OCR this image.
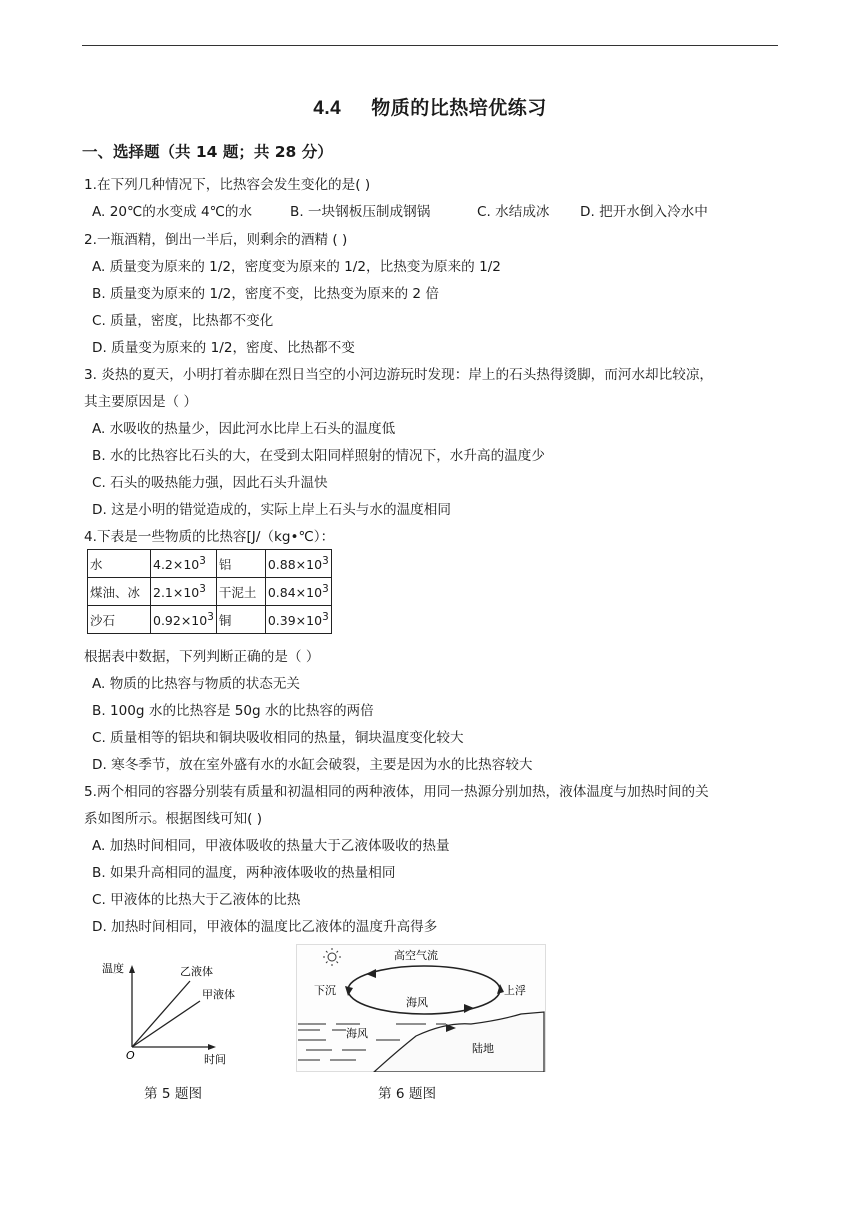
4.4 物质的比热培优练习
一、选择题（共 14 题；共 28 分）
1.在下列几种情况下，比热容会发生变化的是( )
A. 20℃的水变成 4℃的水	B. 一块钢板压制成钢锅	C. 水结成冰	D. 把开水倒入冷水中
2.一瓶酒精，倒出一半后，则剩余的酒精 ( )
A. 质量变为原来的 1/2，密度变为原来的 1/2，比热变为原来的 1/2
B. 质量变为原来的 1/2，密度不变，比热变为原来的 2 倍
C. 质量，密度，比热都不变化
D. 质量变为原来的 1/2，密度、比热都不变
3. 炎热的夏天，小明打着赤脚在烈日当空的小河边游玩时发现：岸上的石头热得烫脚，而河水却比较凉，
其主要原因是（ ）
A. 水吸收的热量少，因此河水比岸上石头的温度低
B. 水的比热容比石头的大，在受到太阳同样照射的情况下，水升高的温度少
C. 石头的吸热能力强，因此石头升温快
D. 这是小明的错觉造成的，实际上岸上石头与水的温度相同
4.下表是一些物质的比热容[J/（kg•℃）：
水	$4.2\times 10^3$	铝	$0.88\times 10^3$
煤油、冰	$2.1\times 10^3$	干泥土	$0.84\times 10^3$
沙石	$0.92\times 10^3$	铜	$0.39\times 10^3$
根据表中数据，下列判断正确的是（ ）
A. 物质的比热容与物质的状态无关
B. 100g 水的比热容是 50g 水的比热容的两倍
C. 质量相等的铝块和铜块吸收相同的热量，铜块温度变化较大
D. 寒冬季节，放在室外盛有水的水缸会破裂，主要是因为水的比热容较大
5.两个相同的容器分别装有质量和初温相同的两种液体，用同一热源分别加热，液体温度与加热时间的关
系如图所示。根据图线可知( )
A. 加热时间相同，甲液体吸收的热量大于乙液体吸收的热量
B. 如果升高相同的温度，两种液体吸收的热量相同
C. 甲液体的比热大于乙液体的比热
D. 加热时间相同，甲液体的温度比乙液体的温度升高得多
温度
时间
O
乙液体
甲液体
第 5 题图
高空气流
下沉	上浮
海风
海风
陆地
第 6 题图
